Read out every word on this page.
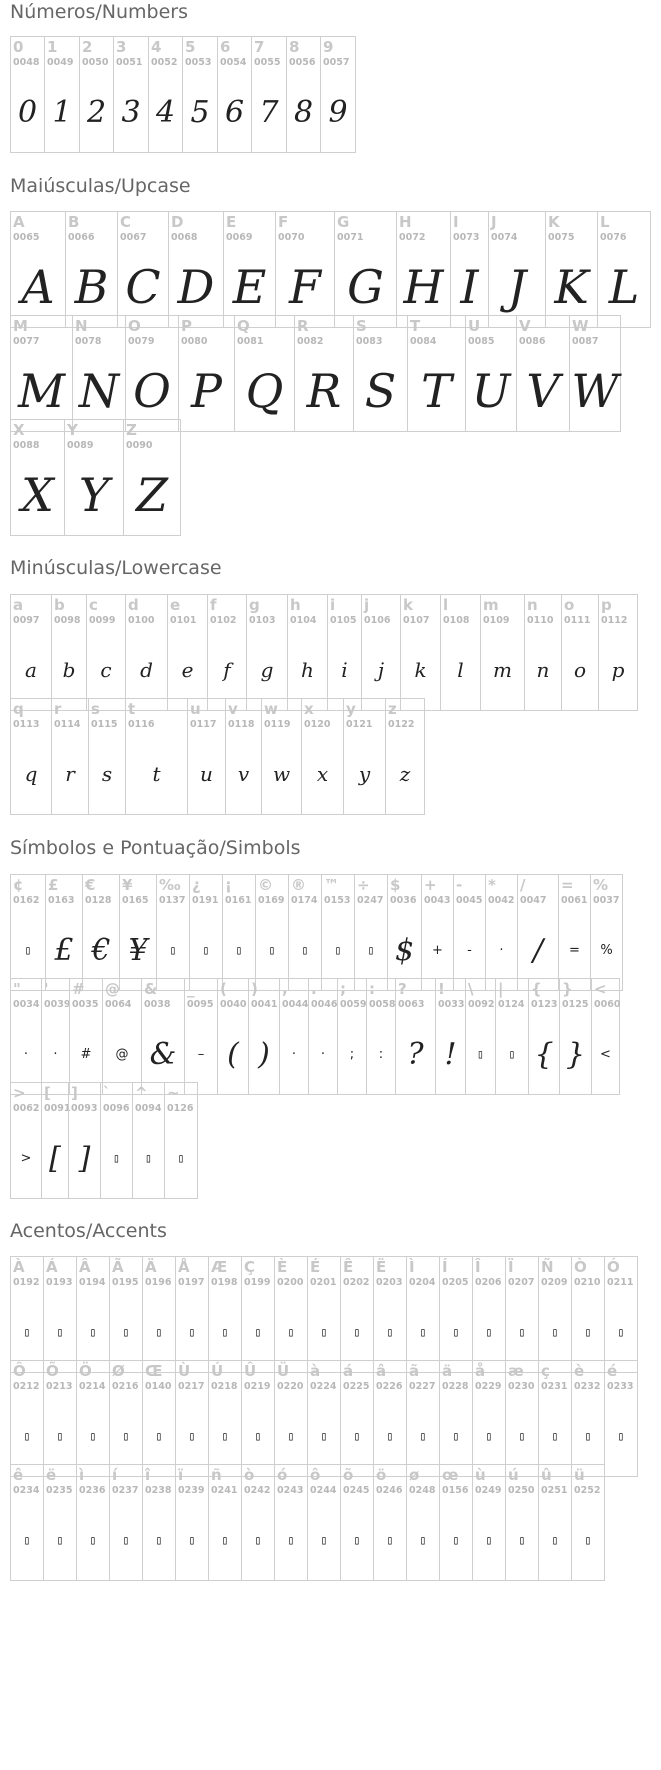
Números/Numbers
0
0048
0
1
0049
1
2
0050
2
3
0051
3
4
0052
4
5
0053
5
6
0054
6
7
0055
7
8
0056
8
9
0057
9
Maiúsculas/Upcase
A
0065
A
B
0066
B
C
0067
C
D
0068
D
E
0069
E
F
0070
F
G
0071
G
H
0072
H
I
0073
I
J
0074
J
K
0075
K
L
0076
L
M
0077
M
N
0078
N
O
0079
O
P
0080
P
Q
0081
Q
R
0082
R
S
0083
S
T
0084
T
U
0085
U
V
0086
V
W
0087
W
X
0088
X
Y
0089
Y
Z
0090
Z
Minúsculas/Lowercase
a
0097
a
b
0098
b
c
0099
c
d
0100
d
e
0101
e
f
0102
f
g
0103
g
h
0104
h
i
0105
i
j
0106
j
k
0107
k
l
0108
l
m
0109
m
n
0110
n
o
0111
o
p
0112
p
q
0113
q
r
0114
r
s
0115
s
t
0116
t
u
0117
u
v
0118
v
w
0119
w
x
0120
x
y
0121
y
z
0122
z
Símbolos e Pontuação/Simbols
¢
0162
▯
£
0163
£
€
0128
€
¥
0165
¥
‰
0137
▯
¿
0191
▯
¡
0161
▯
©
0169
▯
®
0174
▯
™
0153
▯
÷
0247
▯
$
0036
$
+
0043
+
-
0045
-
*
0042
·
/
0047
/
=
0061
=
%
0037
%
"
0034
·
'
0039
·
#
0035
#
@
0064
@
&
0038
&
_
0095
–
(
0040
(
)
0041
)
,
0044
·
.
0046
·
;
0059
;
:
0058
:
?
0063
?
!
0033
!
\
0092
▯
|
0124
▯
{
0123
{
}
0125
}
<
0060
<
>
0062
>
[
0091
[
]
0093
]
`
0096
▯
^
0094
▯
~
0126
▯
Acentos/Accents
À
0192
▯
Á
0193
▯
Â
0194
▯
Ã
0195
▯
Ä
0196
▯
Å
0197
▯
Æ
0198
▯
Ç
0199
▯
È
0200
▯
É
0201
▯
Ê
0202
▯
Ë
0203
▯
Ì
0204
▯
Í
0205
▯
Î
0206
▯
Ï
0207
▯
Ñ
0209
▯
Ò
0210
▯
Ó
0211
▯
Ô
0212
▯
Õ
0213
▯
Ö
0214
▯
Ø
0216
▯
Œ
0140
▯
Ù
0217
▯
Ú
0218
▯
Û
0219
▯
Ü
0220
▯
à
0224
▯
á
0225
▯
â
0226
▯
ã
0227
▯
ä
0228
▯
å
0229
▯
æ
0230
▯
ç
0231
▯
è
0232
▯
é
0233
▯
ê
0234
▯
ë
0235
▯
ì
0236
▯
í
0237
▯
î
0238
▯
ï
0239
▯
ñ
0241
▯
ò
0242
▯
ó
0243
▯
ô
0244
▯
õ
0245
▯
ö
0246
▯
ø
0248
▯
œ
0156
▯
ù
0249
▯
ú
0250
▯
û
0251
▯
ü
0252
▯
